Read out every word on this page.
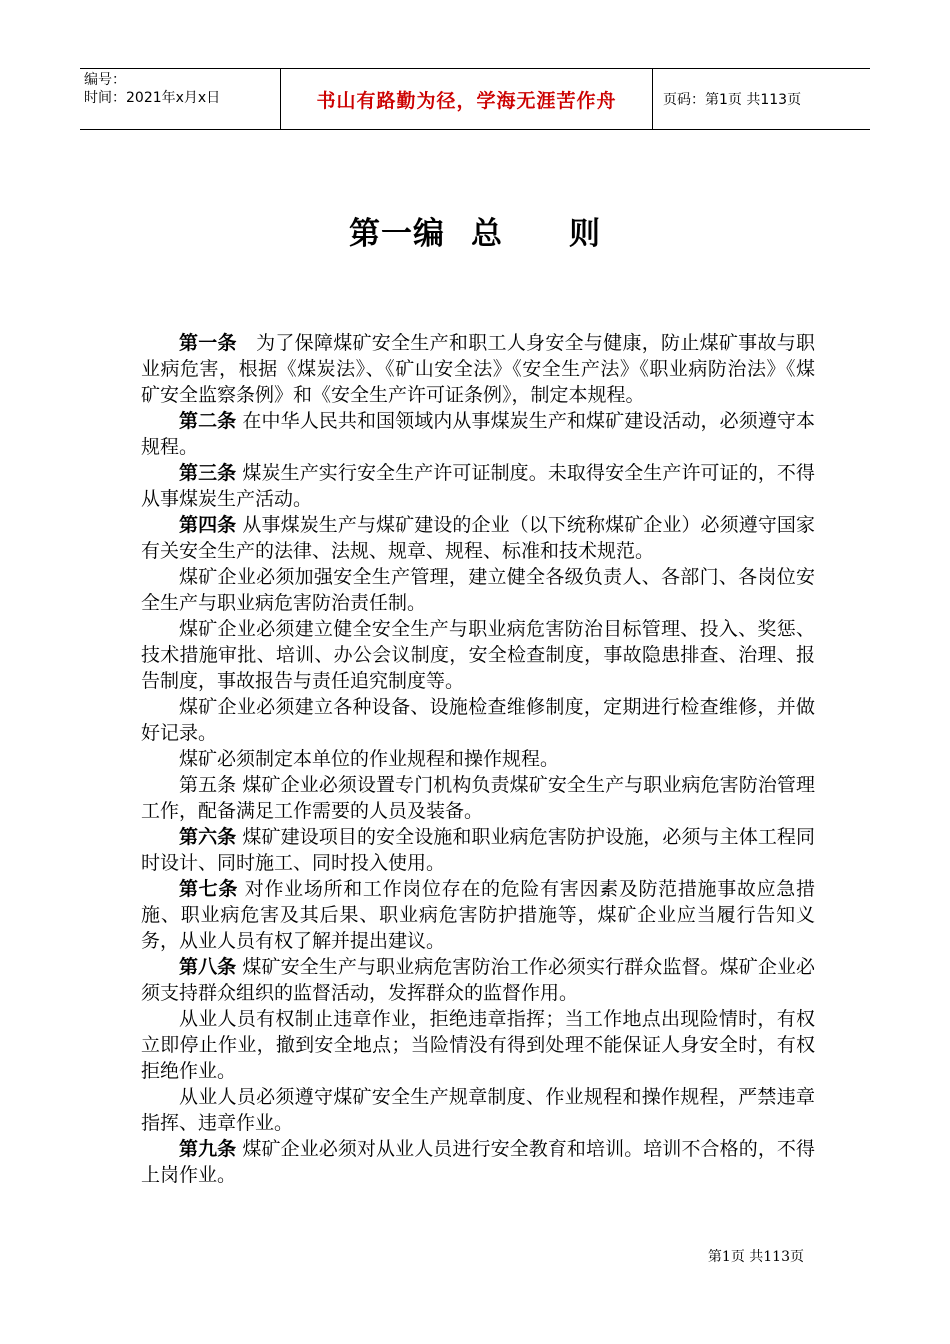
编号：
时间：2021年x月x日	书山有路勤为径，学海无涯苦作舟	页码：第1页 共113页
第一编 总 则

第一条　为了保障煤矿安全生产和职工人身安全与健康，防止煤矿事故与职业病危害，根据《煤炭法》、《矿山安全法》《安全生产法》《职业病防治法》《煤矿安全监察条例》和《安全生产许可证条例》，制定本规程。

第二条 在中华人民共和国领域内从事煤炭生产和煤矿建设活动，必须遵守本规程。

第三条 煤炭生产实行安全生产许可证制度。未取得安全生产许可证的，不得从事煤炭生产活动。

第四条 从事煤炭生产与煤矿建设的企业（以下统称煤矿企业）必须遵守国家有关安全生产的法律、法规、规章、规程、标准和技术规范。

煤矿企业必须加强安全生产管理，建立健全各级负责人、各部门、各岗位安全生产与职业病危害防治责任制。

煤矿企业必须建立健全安全生产与职业病危害防治目标管理、投入、奖惩、技术措施审批、培训、办公会议制度，安全检查制度，事故隐患排查、治理、报告制度，事故报告与责任追究制度等。

煤矿企业必须建立各种设备、设施检查维修制度，定期进行检查维修，并做好记录。

煤矿必须制定本单位的作业规程和操作规程。

第五条 煤矿企业必须设置专门机构负责煤矿安全生产与职业病危害防治管理工作，配备满足工作需要的人员及装备。

第六条 煤矿建设项目的安全设施和职业病危害防护设施，必须与主体工程同时设计、同时施工、同时投入使用。

第七条 对作业场所和工作岗位存在的危险有害因素及防范措施事故应急措施、职业病危害及其后果、职业病危害防护措施等，煤矿企业应当履行告知义务，从业人员有权了解并提出建议。

第八条 煤矿安全生产与职业病危害防治工作必须实行群众监督。煤矿企业必须支持群众组织的监督活动，发挥群众的监督作用。

从业人员有权制止违章作业，拒绝违章指挥；当工作地点出现险情时，有权立即停止作业，撤到安全地点；当险情没有得到处理不能保证人身安全时，有权拒绝作业。

从业人员必须遵守煤矿安全生产规章制度、作业规程和操作规程，严禁违章指挥、违章作业。

第九条 煤矿企业必须对从业人员进行安全教育和培训。培训不合格的，不得上岗作业。

第1页 共113页
